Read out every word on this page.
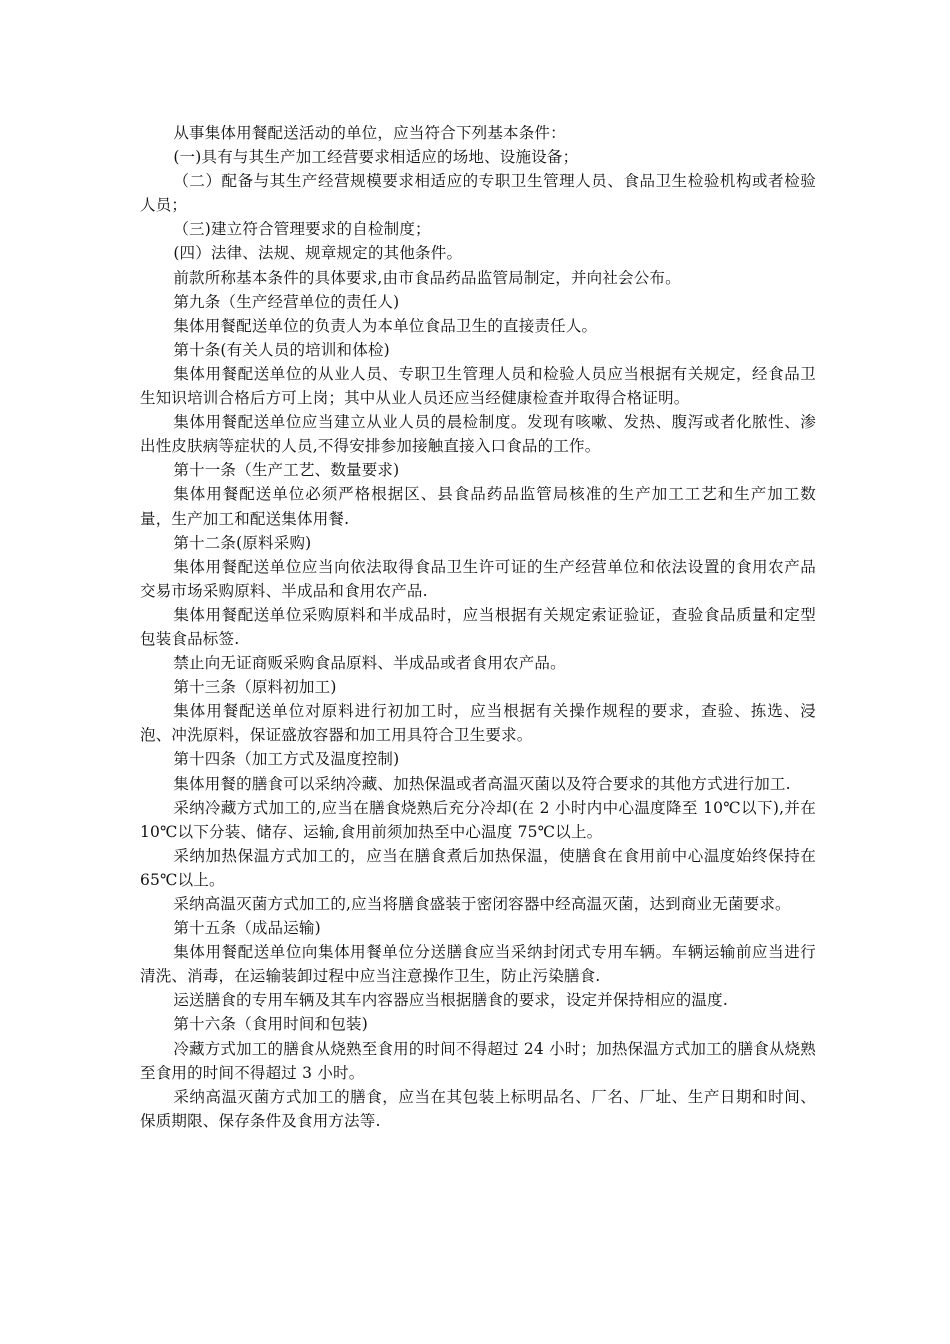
从事集体用餐配送活动的单位，应当符合下列基本条件：

(一)具有与其生产加工经营要求相适应的场地、设施设备；

（二）配备与其生产经营规模要求相适应的专职卫生管理人员、食品卫生检验机构或者检验人员；

（三)建立符合管理要求的自检制度；

(四）法律、法规、规章规定的其他条件。

前款所称基本条件的具体要求,由市食品药品监管局制定，并向社会公布。

第九条（生产经营单位的责任人)

集体用餐配送单位的负责人为本单位食品卫生的直接责任人。

第十条(有关人员的培训和体检)

集体用餐配送单位的从业人员、专职卫生管理人员和检验人员应当根据有关规定，经食品卫生知识培训合格后方可上岗；其中从业人员还应当经健康检查并取得合格证明。

集体用餐配送单位应当建立从业人员的晨检制度。发现有咳嗽、发热、腹泻或者化脓性、渗出性皮肤病等症状的人员,不得安排参加接触直接入口食品的工作。

第十一条（生产工艺、数量要求)

集体用餐配送单位必须严格根据区、县食品药品监管局核准的生产加工工艺和生产加工数量，生产加工和配送集体用餐.

第十二条(原料采购)

集体用餐配送单位应当向依法取得食品卫生许可证的生产经营单位和依法设置的食用农产品交易市场采购原料、半成品和食用农产品.

集体用餐配送单位采购原料和半成品时，应当根据有关规定索证验证，查验食品质量和定型包装食品标签.

禁止向无证商贩采购食品原料、半成品或者食用农产品。

第十三条（原料初加工)

集体用餐配送单位对原料进行初加工时，应当根据有关操作规程的要求，查验、拣选、浸泡、冲洗原料，保证盛放容器和加工用具符合卫生要求。

第十四条（加工方式及温度控制)

集体用餐的膳食可以采纳冷藏、加热保温或者高温灭菌以及符合要求的其他方式进行加工.

采纳冷藏方式加工的,应当在膳食烧熟后充分冷却(在 2 小时内中心温度降至 10℃以下),并在 10℃以下分装、储存、运输,食用前须加热至中心温度 75℃以上。

采纳加热保温方式加工的，应当在膳食煮后加热保温，使膳食在食用前中心温度始终保持在 65℃以上。

采纳高温灭菌方式加工的,应当将膳食盛装于密闭容器中经高温灭菌，达到商业无菌要求。

第十五条（成品运输)

集体用餐配送单位向集体用餐单位分送膳食应当采纳封闭式专用车辆。车辆运输前应当进行清洗、消毒，在运输装卸过程中应当注意操作卫生，防止污染膳食.

运送膳食的专用车辆及其车内容器应当根据膳食的要求，设定并保持相应的温度.

第十六条（食用时间和包装)

冷藏方式加工的膳食从烧熟至食用的时间不得超过 24 小时；加热保温方式加工的膳食从烧熟至食用的时间不得超过 3 小时。

采纳高温灭菌方式加工的膳食，应当在其包装上标明品名、厂名、厂址、生产日期和时间、保质期限、保存条件及食用方法等.
